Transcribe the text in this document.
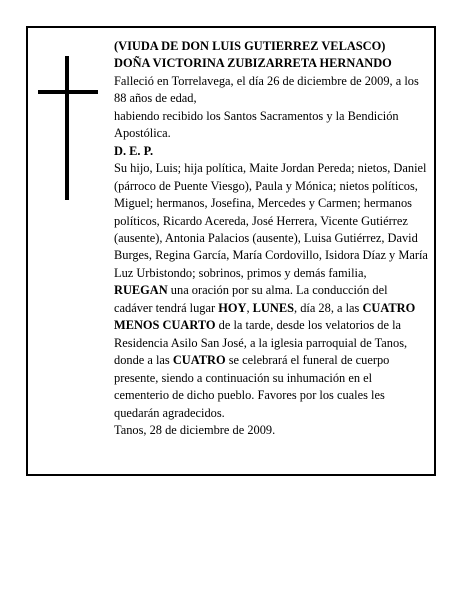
(VIUDA DE DON LUIS GUTIERREZ VELASCO)

DOÑA VICTORINA ZUBIZARRETA HERNANDO

Falleció en Torrelavega, el día 26 de diciembre de 2009, a los 88 años de edad,

habiendo recibido los Santos Sacramentos y la Bendición Apostólica.

D. E. P.

Su hijo, Luis; hija política, Maite Jordan Pereda; nietos, Daniel (párroco de Puente Viesgo), Paula y Mónica; nietos políticos, Miguel; hermanos, Josefina, Mercedes y Carmen; hermanos políticos, Ricardo Acereda, José Herrera, Vicente Gutiérrez (ausente), Antonia Palacios (ausente), Luisa Gutiérrez, David Burges, Regina García, María Cordovillo, Isidora Díaz y María Luz Urbistondo; sobrinos, primos y demás familia,

RUEGAN una oración por su alma. La conducción del cadáver tendrá lugar HOY, LUNES, día 28, a las CUATRO MENOS CUARTO de la tarde, desde los velatorios de la Residencia Asilo San José, a la iglesia parroquial de Tanos, donde a las CUATRO se celebrará el funeral de cuerpo presente, siendo a continuación su inhumación en el cementerio de dicho pueblo. Favores por los cuales les quedarán agradecidos.

Tanos, 28 de diciembre de 2009.
